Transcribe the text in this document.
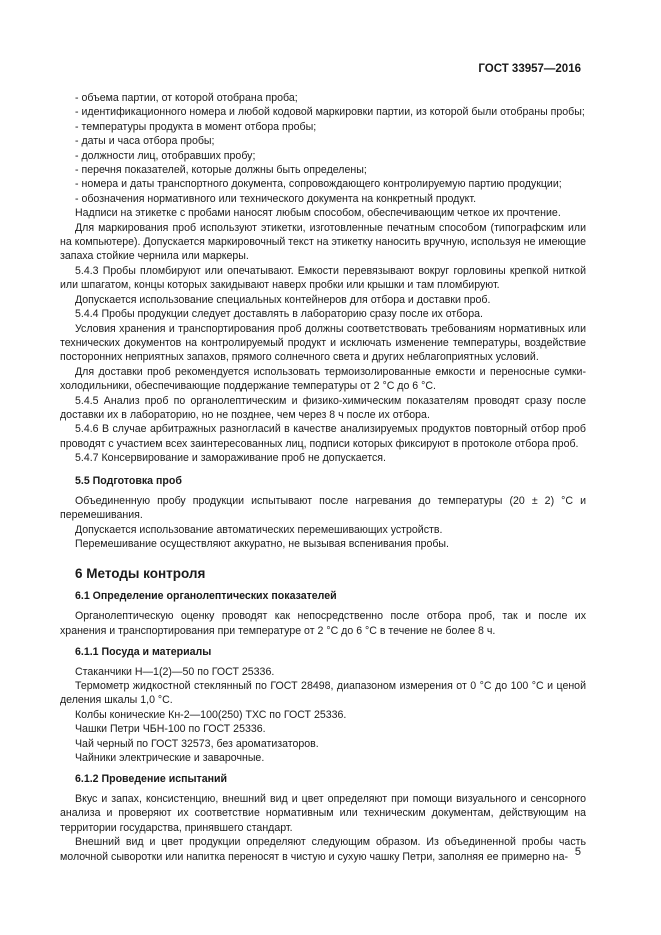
ГОСТ 33957—2016
- объема партии, от которой отобрана проба;
- идентификационного номера и любой кодовой маркировки партии, из которой были отобраны пробы;
- температуры продукта в момент отбора пробы;
- даты и часа отбора пробы;
- должности лиц, отобравших пробу;
- перечня показателей, которые должны быть определены;
- номера и даты транспортного документа, сопровождающего контролируемую партию продукции;
- обозначения нормативного или технического документа на конкретный продукт.
Надписи на этикетке с пробами наносят любым способом, обеспечивающим четкое их прочтение.
Для маркирования проб используют этикетки, изготовленные печатным способом (типографским или на компьютере). Допускается маркировочный текст на этикетку наносить вручную, используя не имеющие запаха стойкие чернила или маркеры.
5.4.3 Пробы пломбируют или опечатывают. Емкости перевязывают вокруг горловины крепкой ниткой или шпагатом, концы которых закидывают наверх пробки или крышки и там пломбируют.
Допускается использование специальных контейнеров для отбора и доставки проб.
5.4.4 Пробы продукции следует доставлять в лабораторию сразу после их отбора.
Условия хранения и транспортирования проб должны соответствовать требованиям нормативных или технических документов на контролируемый продукт и исключать изменение температуры, воздействие посторонних неприятных запахов, прямого солнечного света и других неблагоприятных условий.
Для доставки проб рекомендуется использовать термоизолированные емкости и переносные сумки-холодильники, обеспечивающие поддержание температуры от 2 °С до 6 °С.
5.4.5 Анализ проб по органолептическим и физико-химическим показателям проводят сразу после доставки их в лабораторию, но не позднее, чем через 8 ч после их отбора.
5.4.6 В случае арбитражных разногласий в качестве анализируемых продуктов повторный отбор проб проводят с участием всех заинтересованных лиц, подписи которых фиксируют в протоколе отбора проб.
5.4.7 Консервирование и замораживание проб не допускается.
5.5 Подготовка проб
Объединенную пробу продукции испытывают после нагревания до температуры (20 ± 2) °С и перемешивания.
Допускается использование автоматических перемешивающих устройств.
Перемешивание осуществляют аккуратно, не вызывая вспенивания пробы.
6 Методы контроля
6.1 Определение органолептических показателей
Органолептическую оценку проводят как непосредственно после отбора проб, так и после их хранения и транспортирования при температуре от 2 °С до 6 °С в течение не более 8 ч.
6.1.1 Посуда и материалы
Стаканчики Н—1(2)—50 по ГОСТ 25336.
Термометр жидкостной стеклянный по ГОСТ 28498, диапазоном измерения от 0 °С до 100 °С и ценой деления шкалы 1,0 °С.
Колбы конические Кн-2—100(250) ТХС по ГОСТ 25336.
Чашки Петри ЧБН-100 по ГОСТ 25336.
Чай черный по ГОСТ 32573, без ароматизаторов.
Чайники электрические и заварочные.
6.1.2 Проведение испытаний
Вкус и запах, консистенцию, внешний вид и цвет определяют при помощи визуального и сенсорного анализа и проверяют их соответствие нормативным или техническим документам, действующим на территории государства, принявшего стандарт.
Внешний вид и цвет продукции определяют следующим образом. Из объединенной пробы часть молочной сыворотки или напитка переносят в чистую и сухую чашку Петри, заполняя ее примерно на- 5
